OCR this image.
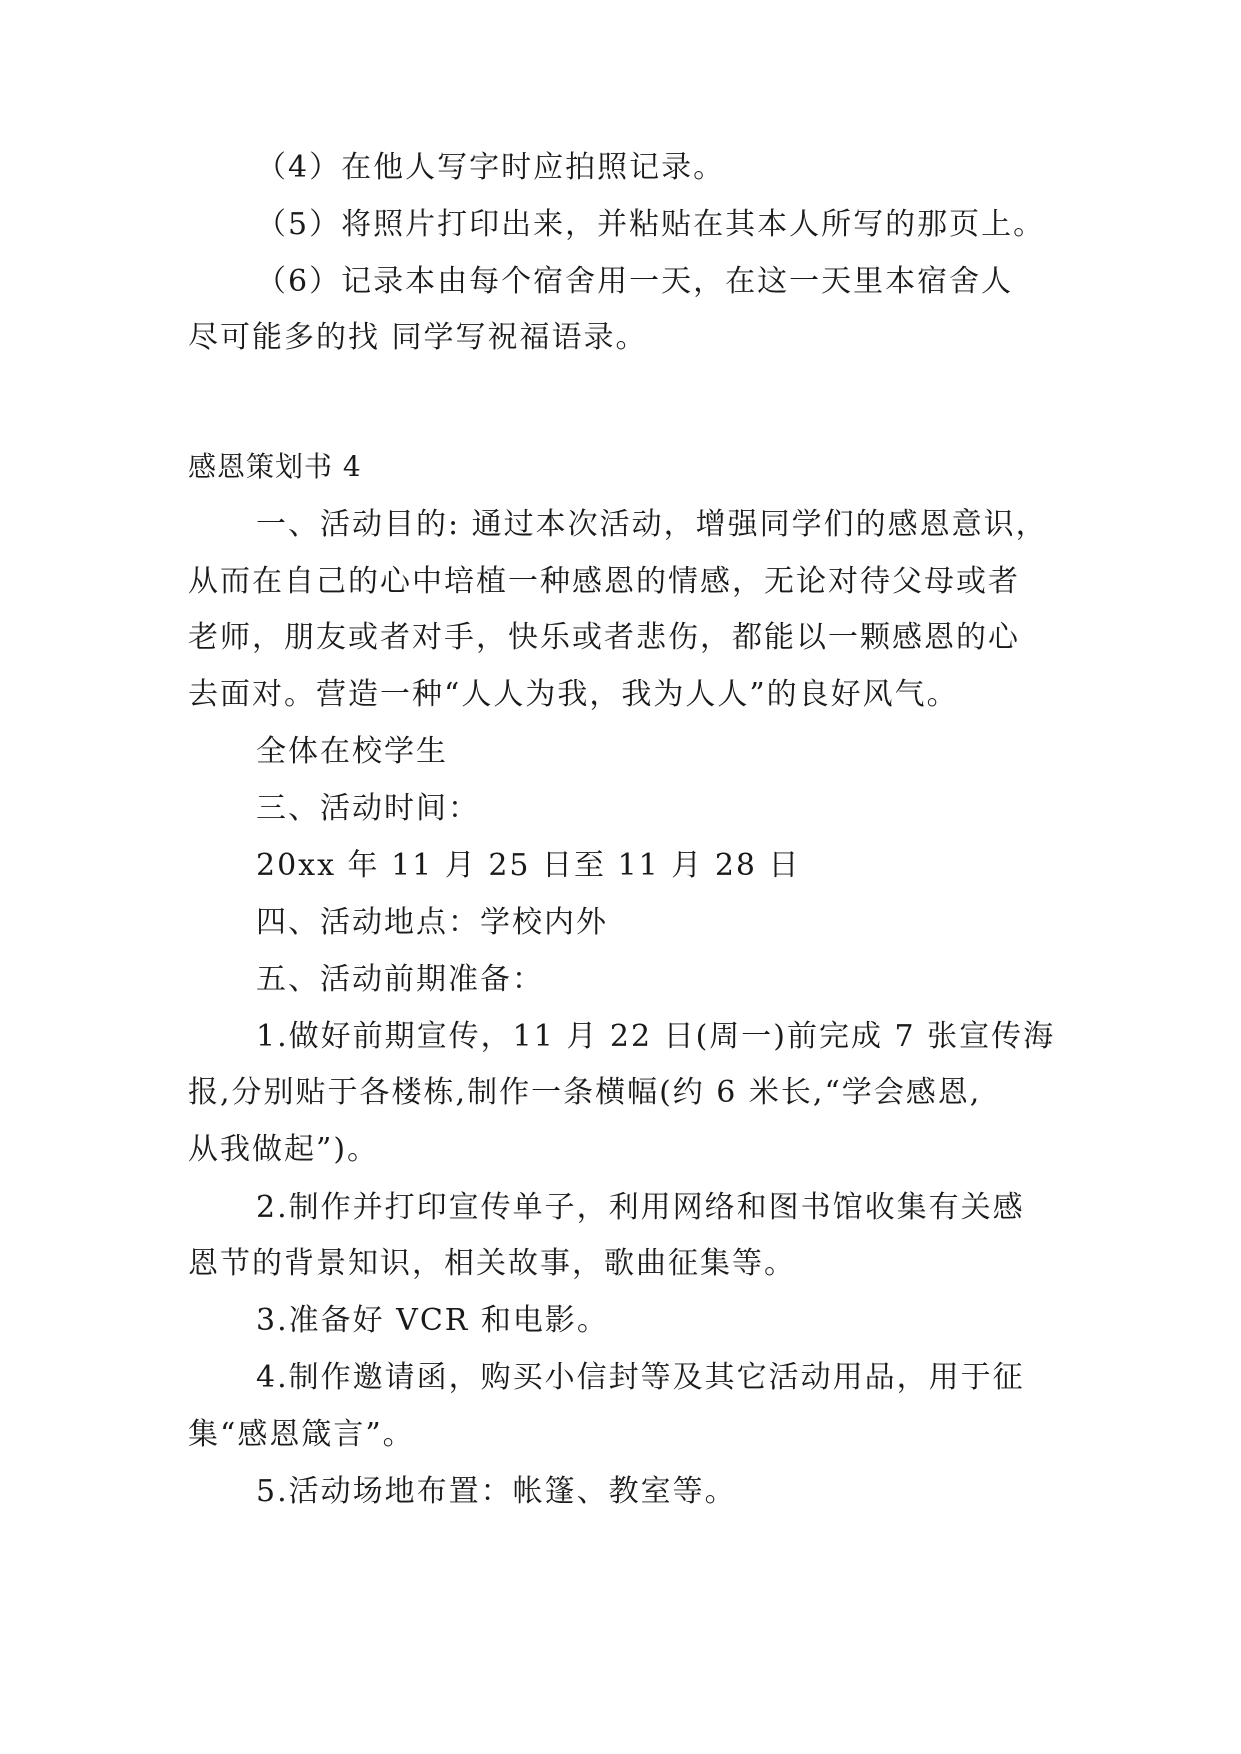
（4）在他人写字时应拍照记录。
（5）将照片打印出来，并粘贴在其本人所写的那页上。
（6）记录本由每个宿舍用一天，在这一天里本宿舍人
尽可能多的找 同学写祝福语录。
感恩策划书 4
一、活动目的: 通过本次活动，增强同学们的感恩意识，
从而在自己的心中培植一种感恩的情感，无论对待父母或者
老师，朋友或者对手，快乐或者悲伤，都能以一颗感恩的心
去面对。营造一种“人人为我，我为人人”的良好风气。
全体在校学生
三、活动时间：
20xx 年 11 月 25 日至 11 月 28 日
四、活动地点：学校内外
五、活动前期准备：
1.做好前期宣传，11 月 22 日(周一)前完成 7 张宣传海
报,分别贴于各楼栋,制作一条横幅(约 6 米长,“学会感恩,
从我做起”)。
2.制作并打印宣传单子，利用网络和图书馆收集有关感
恩节的背景知识，相关故事，歌曲征集等。
3.准备好 VCR 和电影。
4.制作邀请函，购买小信封等及其它活动用品，用于征
集“感恩箴言”。
5.活动场地布置：帐篷、教室等。
